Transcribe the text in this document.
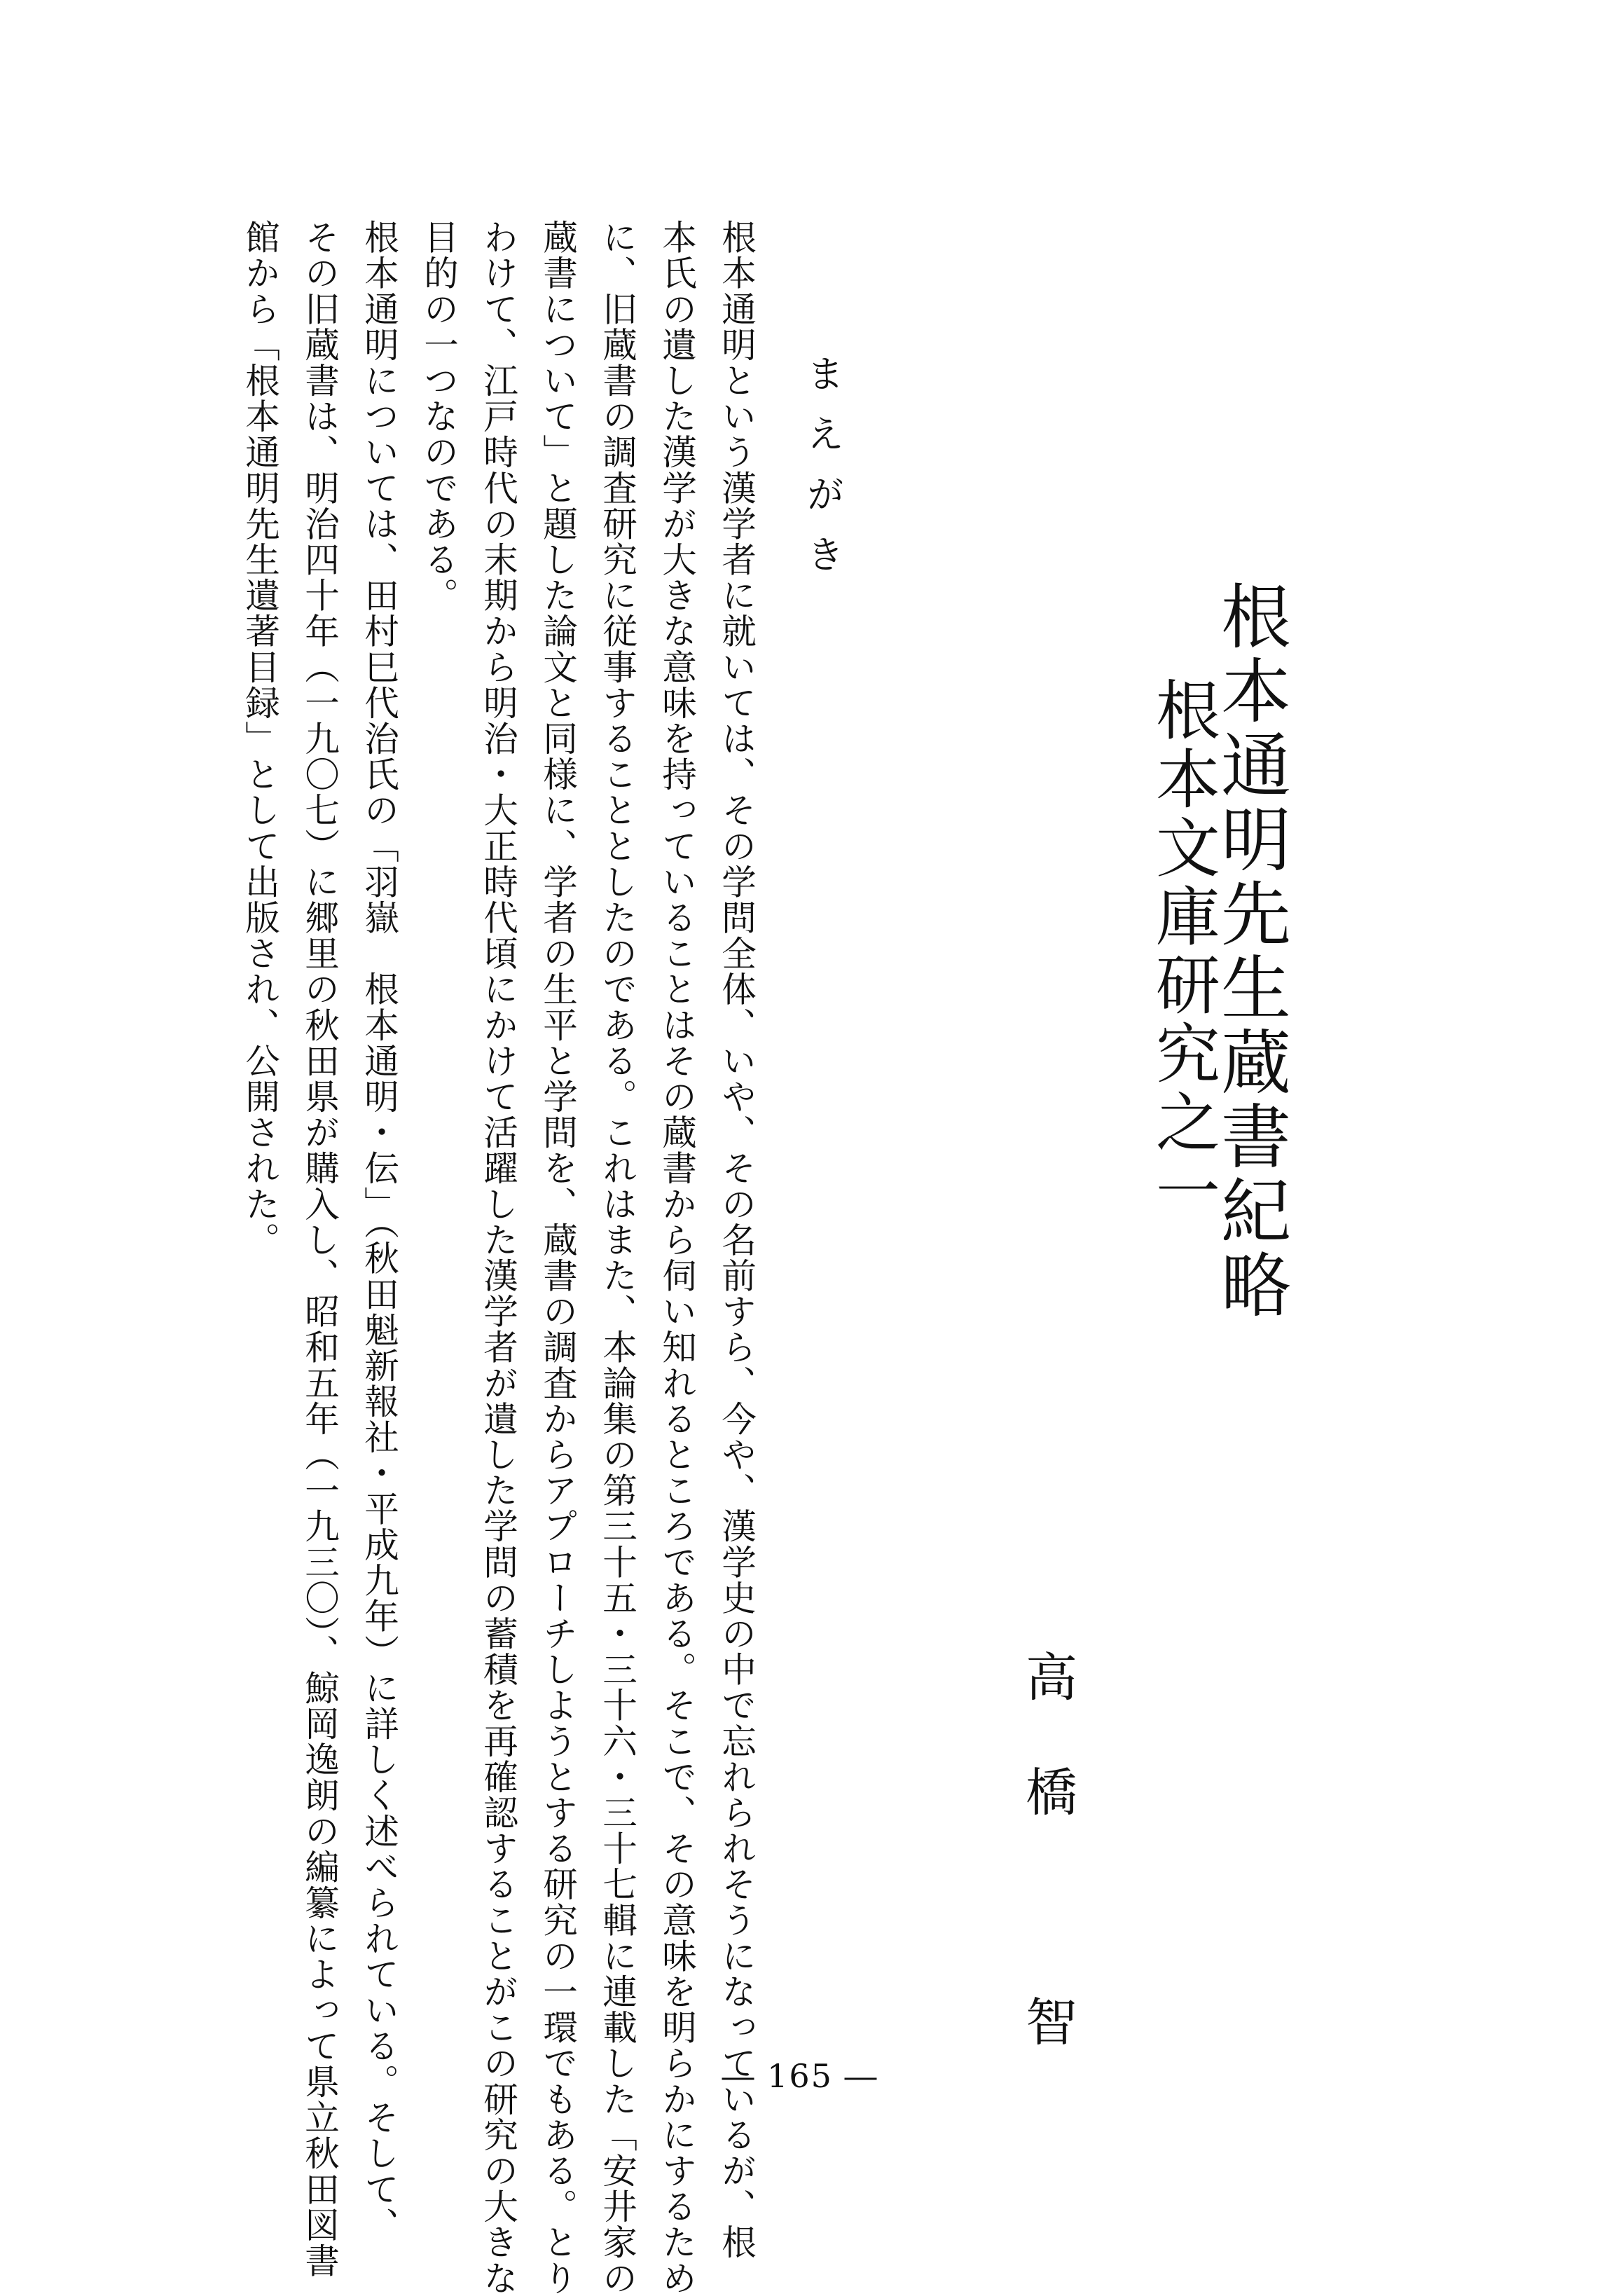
根本通明先生蔵書紀略
根本文庫研究之一
高橋　智
まえがき
根本通明という漢学者に就いては、その学問全体、いや、その名前すら、今や、漢学史の中で忘れられそうになっているが、根
本氏の遺した漢学が大きな意味を持っていることはその蔵書から伺い知れるところである。そこで、その意味を明らかにするため
に、旧蔵書の調査研究に従事することとしたのである。これはまた、本論集の第三十五・三十六・三十七輯に連載した「安井家の
蔵書について」と題した論文と同様に、学者の生平と学問を、蔵書の調査からアプローチしようとする研究の一環でもある。とり
わけて、江戸時代の末期から明治・大正時代頃にかけて活躍した漢学者が遺した学問の蓄積を再確認することがこの研究の大きな
目的の一つなのである。
根本通明については、田村巳代治氏の「羽嶽　根本通明・伝」（秋田魁新報社・平成九年）に詳しく述べられている。そして、
その旧蔵書は、明治四十年（一九〇七）に郷里の秋田県が購入し、昭和五年（一九三〇）、鯨岡逸朗の編纂によって県立秋田図書
館から「根本通明先生遺著目録」として出版され、公開された。
― 165 ―
